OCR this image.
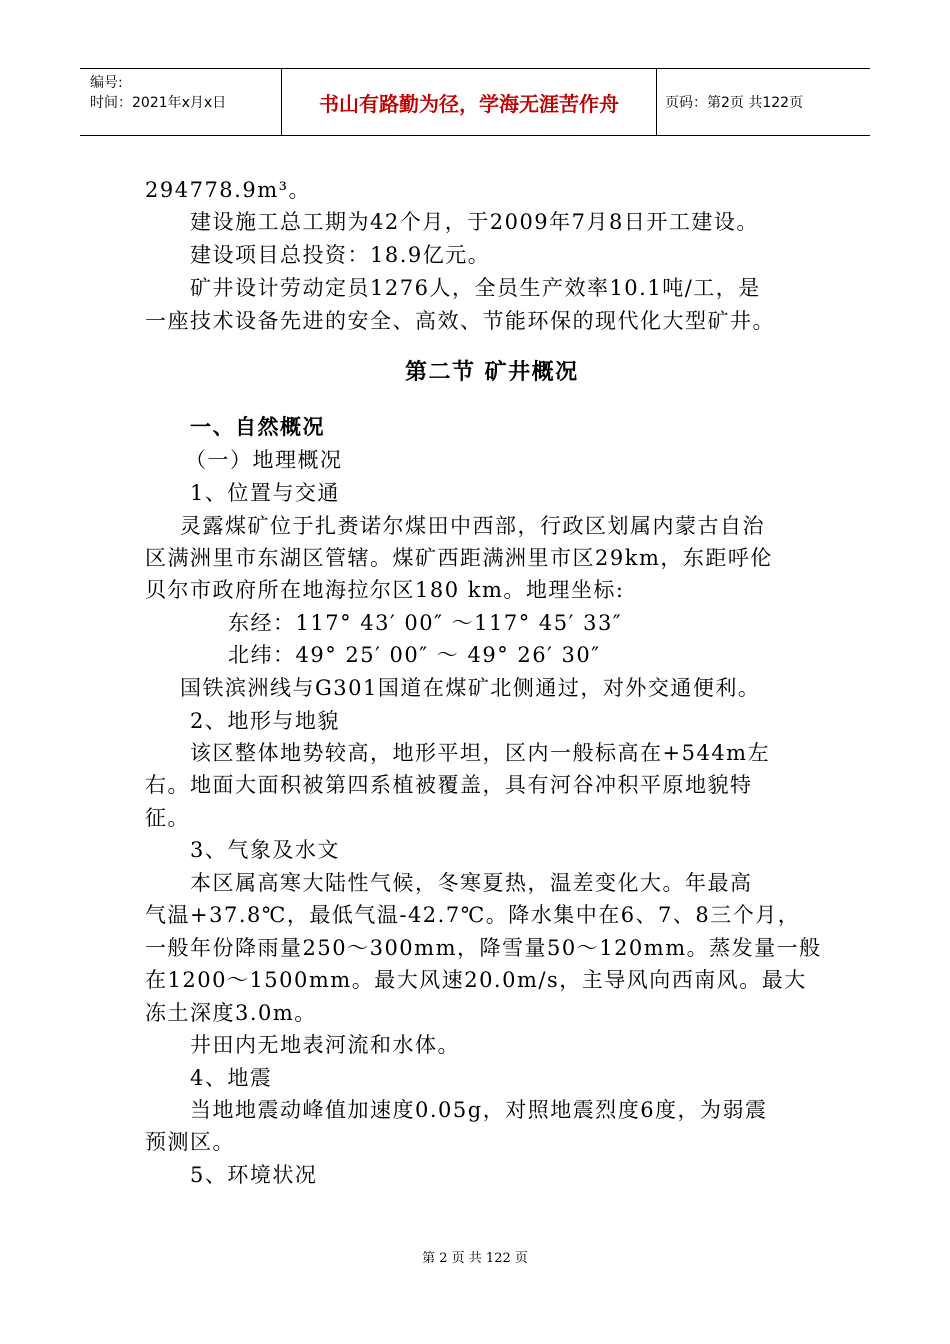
编号:
时间：2021年x月x日	书山有路勤为径，学海无涯苦作舟	页码：第2页 共122页
294778.9m³。
建设施工总工期为42个月，于2009年7月8日开工建设。
建设项目总投资：18.9亿元。
矿井设计劳动定员1276人，全员生产效率10.1吨/工，是
一座技术设备先进的安全、高效、节能环保的现代化大型矿井。
第二节 矿井概况
一、自然概况
（一）地理概况
1、位置与交通
灵露煤矿位于扎赉诺尔煤田中西部，行政区划属内蒙古自治
区满洲里市东湖区管辖。煤矿西距满洲里市区29km，东距呼伦
贝尔市政府所在地海拉尔区180 km。地理坐标:
东经：117° 43′ 00″ ～117° 45′ 33″
北纬：49° 25′ 00″ ～ 49° 26′ 30″
国铁滨洲线与G301国道在煤矿北侧通过，对外交通便利。
2、地形与地貌
该区整体地势较高，地形平坦，区内一般标高在+544m左
右。地面大面积被第四系植被覆盖，具有河谷冲积平原地貌特
征。
3、气象及水文
本区属高寒大陆性气候，冬寒夏热，温差变化大。年最高
气温+37.8℃，最低气温-42.7℃。降水集中在6、7、8三个月，
一般年份降雨量250～300mm，降雪量50～120mm。蒸发量一般
在1200～1500mm。最大风速20.0m/s，主导风向西南风。最大
冻土深度3.0m。
井田内无地表河流和水体。
4、地震
当地地震动峰值加速度0.05g，对照地震烈度6度，为弱震
预测区。
5、环境状况
第 2 页 共 122 页
